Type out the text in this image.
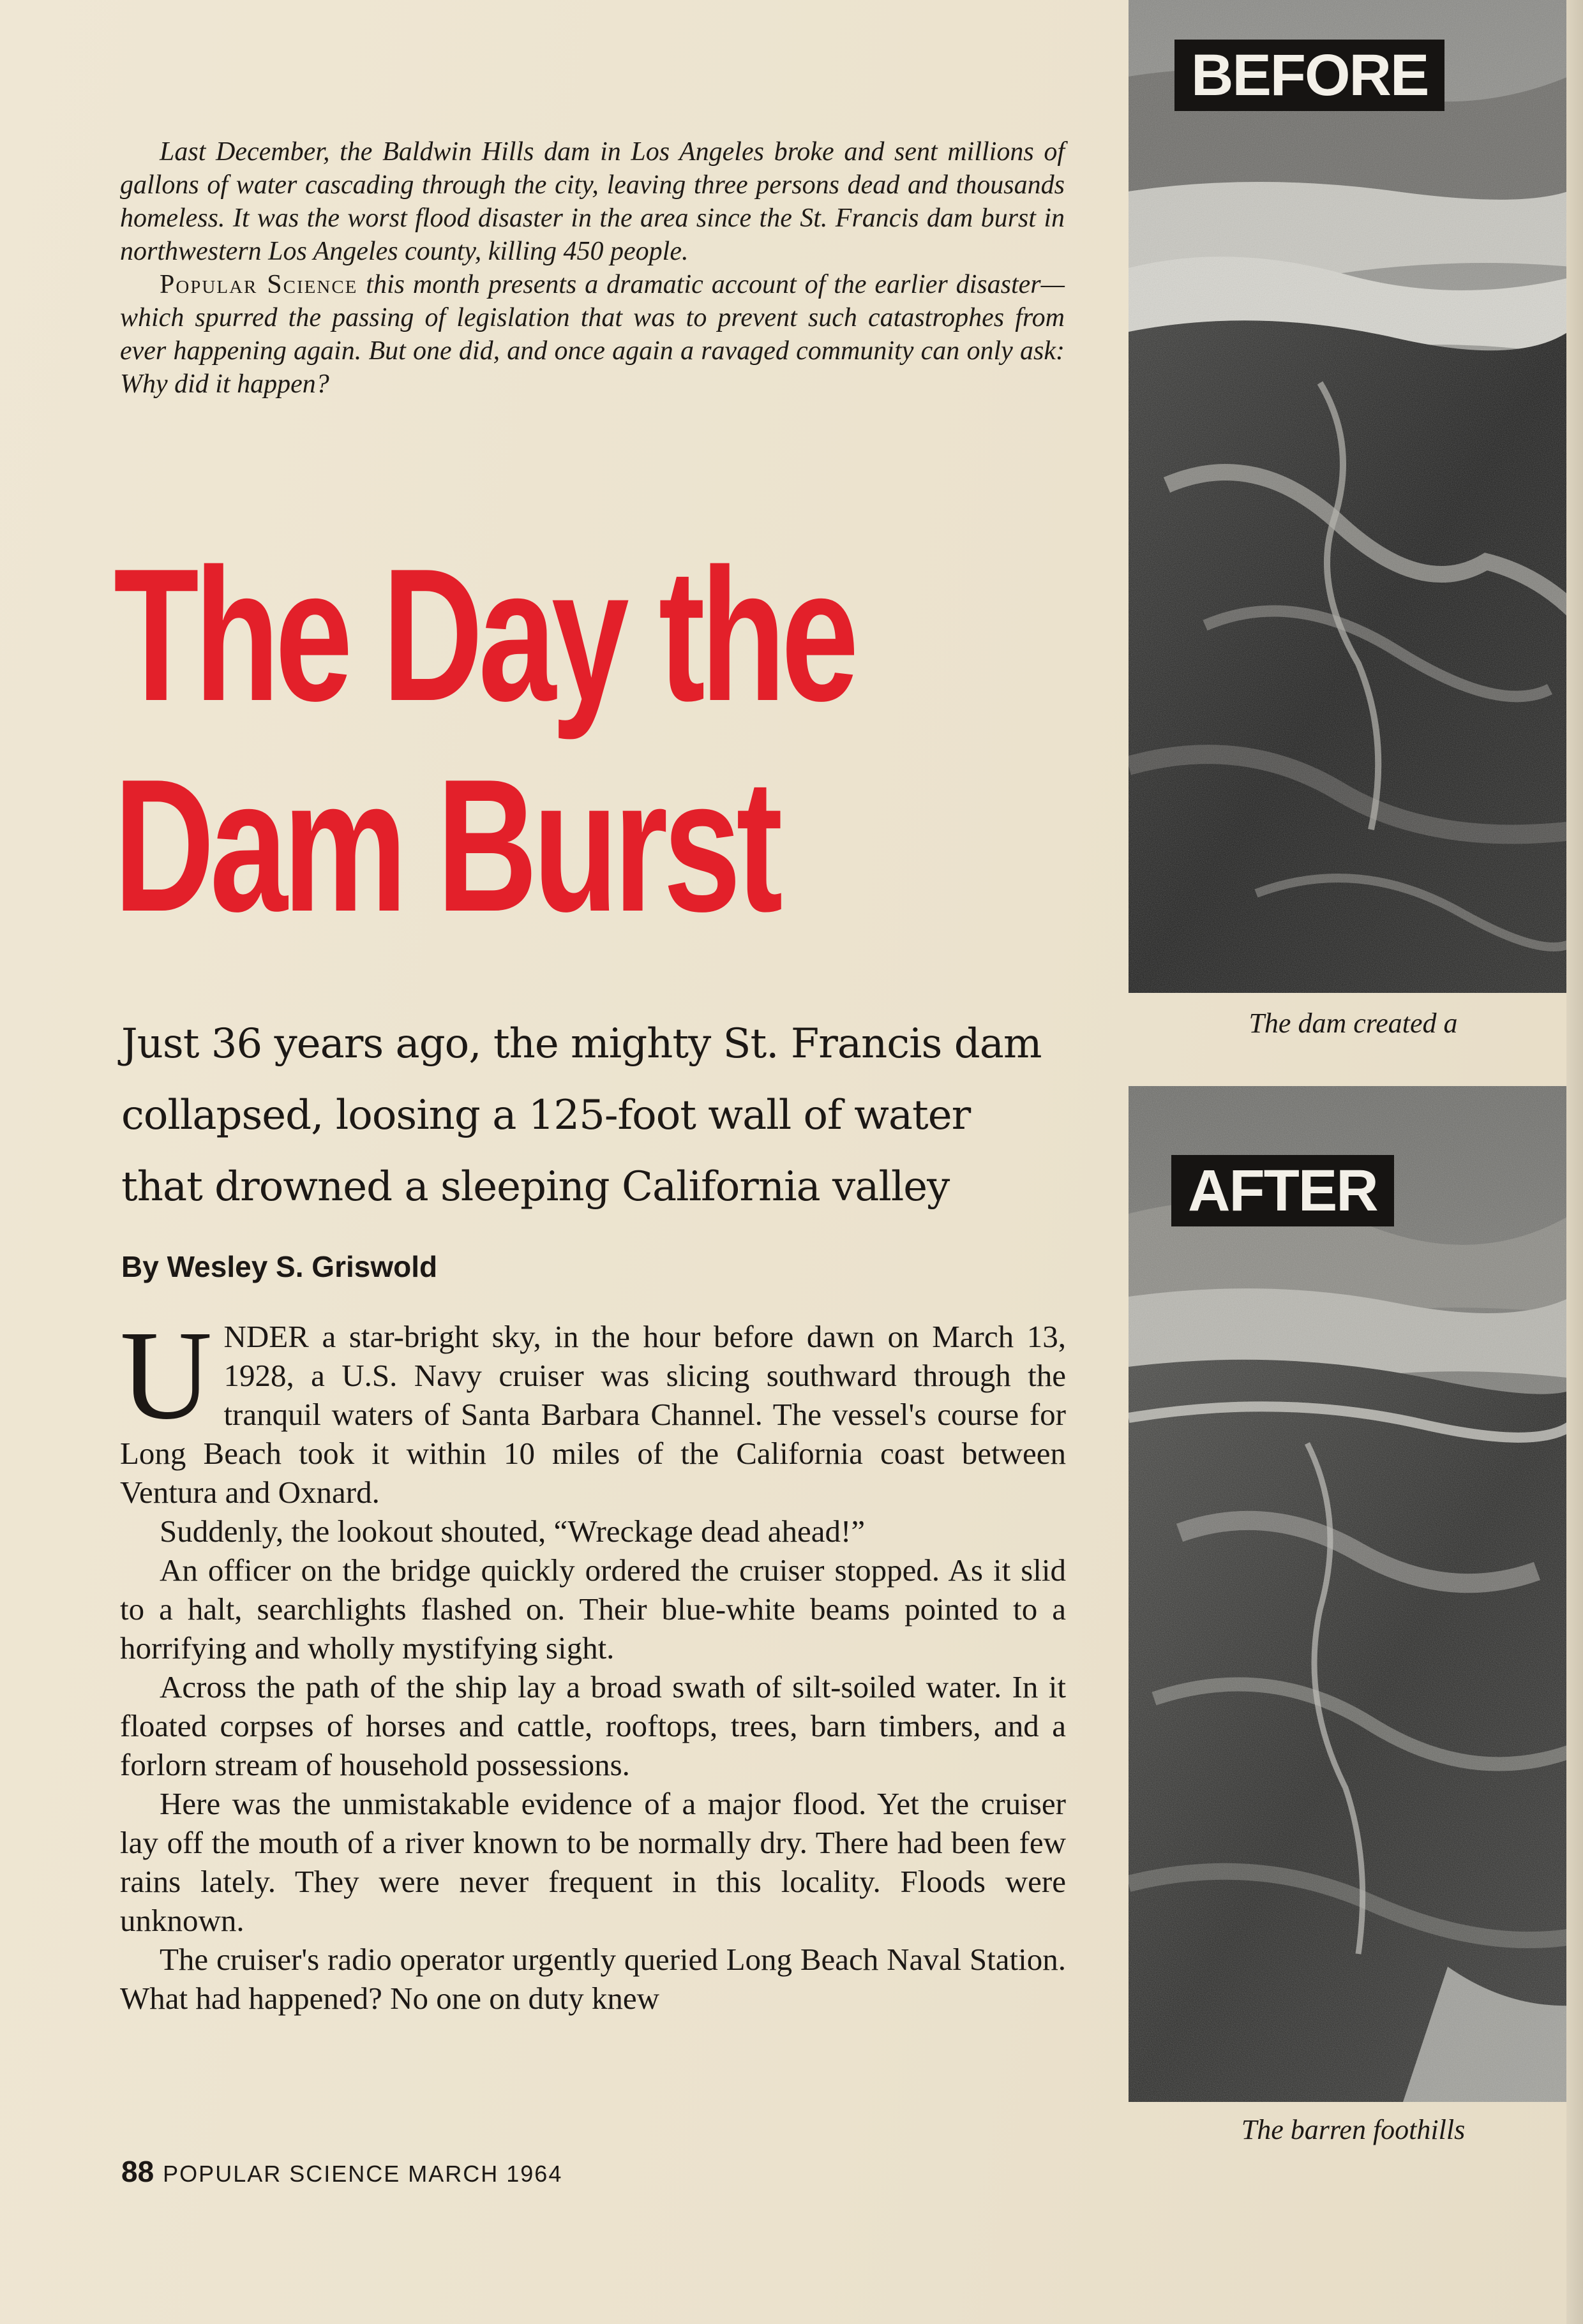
Last December, the Baldwin Hills dam in Los Angeles broke and sent millions of gallons of water cascading through the city, leaving three persons dead and thousands homeless. It was the worst flood disaster in the area since the St. Francis dam burst in northwestern Los Angeles county, killing 450 people.

Popular Science this month presents a dramatic account of the earlier disaster—which spurred the passing of legislation that was to prevent such catastrophes from ever happening again. But one did, and once again a ravaged community can only ask: Why did it happen?

The Day the
Dam Burst
Just 36 years ago, the mighty St. Francis dam
collapsed, loosing a 125-foot wall of water
that drowned a sleeping California valley
By Wesley S. Griswold

UNDER a star-bright sky, in the hour before dawn on March 13, 1928, a U.S. Navy cruiser was slicing southward through the tranquil waters of Santa Barbara Channel. The vessel's course for Long Beach took it within 10 miles of the California coast between Ventura and Oxnard.

Suddenly, the lookout shouted, “Wreckage dead ahead!”

An officer on the bridge quickly ordered the cruiser stopped. As it slid to a halt, searchlights flashed on. Their blue-white beams pointed to a horrifying and wholly mystifying sight.

Across the path of the ship lay a broad swath of silt-soiled water. In it floated corpses of horses and cattle, rooftops, trees, barn timbers, and a forlorn stream of household possessions.

Here was the unmistakable evidence of a major flood. Yet the cruiser lay off the mouth of a river known to be normally dry. There had been few rains lately. They were never frequent in this locality. Floods were unknown.

The cruiser's radio operator urgently queried Long Beach Naval Station. What had happened? No one on duty knew

88 POPULAR SCIENCE MARCH 1964
BEFORE
The dam created a
AFTER
The barren foothills
